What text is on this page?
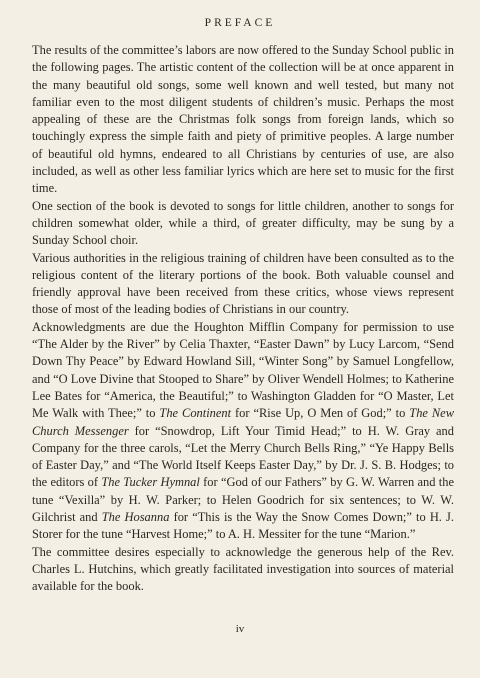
PREFACE

The results of the committee’s labors are now offered to the Sunday School public in the following pages. The artistic content of the collection will be at once apparent in the many beautiful old songs, some well known and well tested, but many not familiar even to the most diligent students of children’s music. Perhaps the most appealing of these are the Christmas folk songs from foreign lands, which so touchingly express the simple faith and piety of primitive peoples. A large number of beautiful old hymns, endeared to all Christians by centuries of use, are also included, as well as other less familiar lyrics which are here set to music for the first time.

One section of the book is devoted to songs for little children, another to songs for children somewhat older, while a third, of greater difficulty, may be sung by a Sunday School choir.

Various authorities in the religious training of children have been consulted as to the religious content of the literary portions of the book. Both valuable counsel and friendly approval have been received from these critics, whose views represent those of most of the leading bodies of Christians in our country.

Acknowledgments are due the Houghton Mifflin Company for permission to use “The Alder by the River” by Celia Thaxter, “Easter Dawn” by Lucy Larcom, “Send Down Thy Peace” by Edward Howland Sill, “Winter Song” by Samuel Longfellow, and “O Love Divine that Stooped to Share” by Oliver Wendell Holmes; to Katherine Lee Bates for “America, the Beautiful;” to Washington Gladden for “O Master, Let Me Walk with Thee;” to The Continent for “Rise Up, O Men of God;” to The New Church Messenger for “Snowdrop, Lift Your Timid Head;” to H. W. Gray and Company for the three carols, “Let the Merry Church Bells Ring,” “Ye Happy Bells of Easter Day,” and “The World Itself Keeps Easter Day,” by Dr. J. S. B. Hodges; to the editors of The Tucker Hymnal for “God of our Fathers” by G. W. Warren and the tune “Vexilla” by H. W. Parker; to Helen Goodrich for six sentences; to W. W. Gilchrist and The Hosanna for “This is the Way the Snow Comes Down;” to H. J. Storer for the tune “Harvest Home;” to A. H. Messiter for the tune “Marion.”

The committee desires especially to acknowledge the generous help of the Rev. Charles L. Hutchins, which greatly facilitated investigation into sources of material available for the book.

iv
